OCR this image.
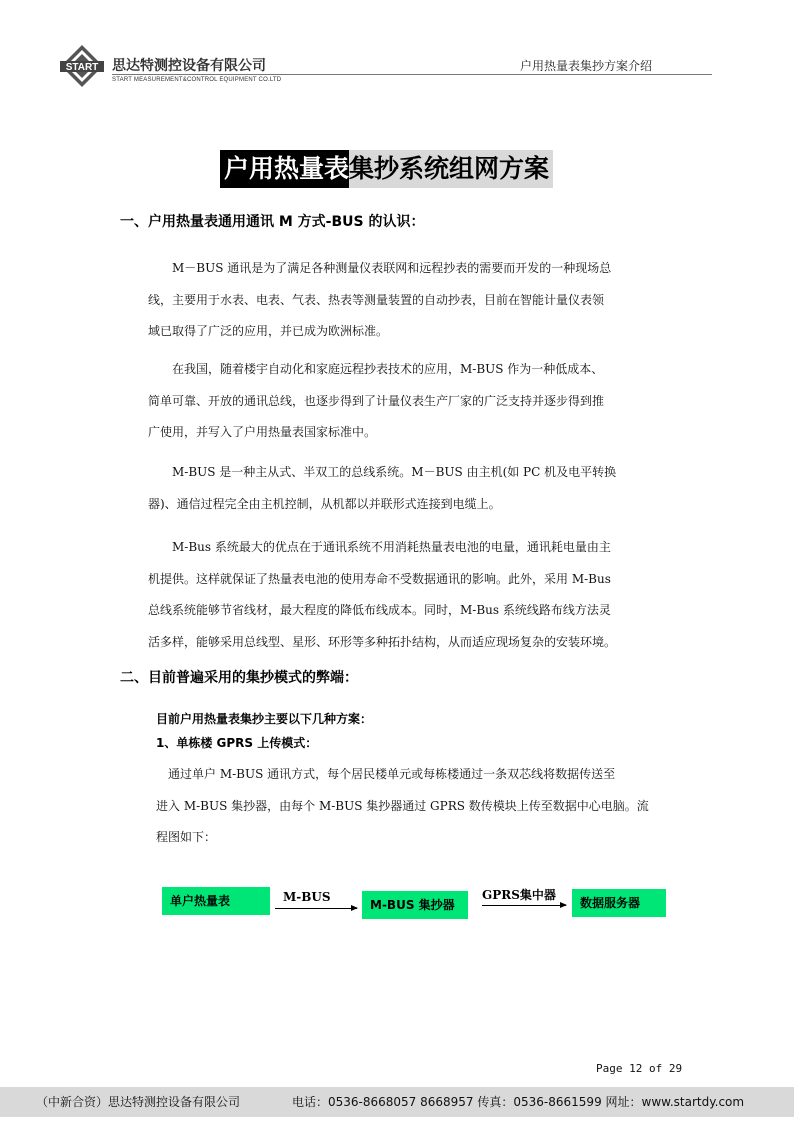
START 思达特测控设备有限公司
START MEASUREMENT&CONTROL EQUIPMENT CO.LTD
户用热量表集抄方案介绍
户用热量表 集抄系统组网方案
一、户用热量表通用通讯 M 方式-BUS 的认识：

M－BUS 通讯是为了满足各种测量仪表联网和远程抄表的需要而开发的一种现场总

线，主要用于水表、电表、气表、热表等测量装置的自动抄表，目前在智能计量仪表领

域已取得了广泛的应用，并已成为欧洲标准。

在我国，随着楼宇自动化和家庭远程抄表技术的应用，M-BUS 作为一种低成本、

简单可靠、开放的通讯总线，也逐步得到了计量仪表生产厂家的广泛支持并逐步得到推

广使用，并写入了户用热量表国家标准中。

M-BUS 是一种主从式、半双工的总线系统。M－BUS 由主机(如 PC 机及电平转换

器)、通信过程完全由主机控制，从机都以并联形式连接到电缆上。

M-Bus 系统最大的优点在于通讯系统不用消耗热量表电池的电量，通讯耗电量由主

机提供。这样就保证了热量表电池的使用寿命不受数据通讯的影响。此外，采用 M-Bus

总线系统能够节省线材，最大程度的降低布线成本。同时，M-Bus 系统线路布线方法灵

活多样，能够采用总线型、星形、环形等多种拓扑结构，从而适应现场复杂的安装环境。

二、目前普遍采用的集抄模式的弊端：
目前户用热量表集抄主要以下几种方案：
1、单栋楼 GPRS 上传模式：

通过单户 M-BUS 通讯方式，每个居民楼单元或每栋楼通过一条双芯线将数据传送至

进入 M-BUS 集抄器，由每个 M-BUS 集抄器通过 GPRS 数传模块上传至数据中心电脑。流

程图如下：

单户热量表	M-BUS
M-BUS 集抄器
GPRS集中器
数据服务器
Page 12 of 29
（中新合资）思达特测控设备有限公司	电话：0536-8668057 8668957 传真：0536-8661599 网址：www.startdy.com
